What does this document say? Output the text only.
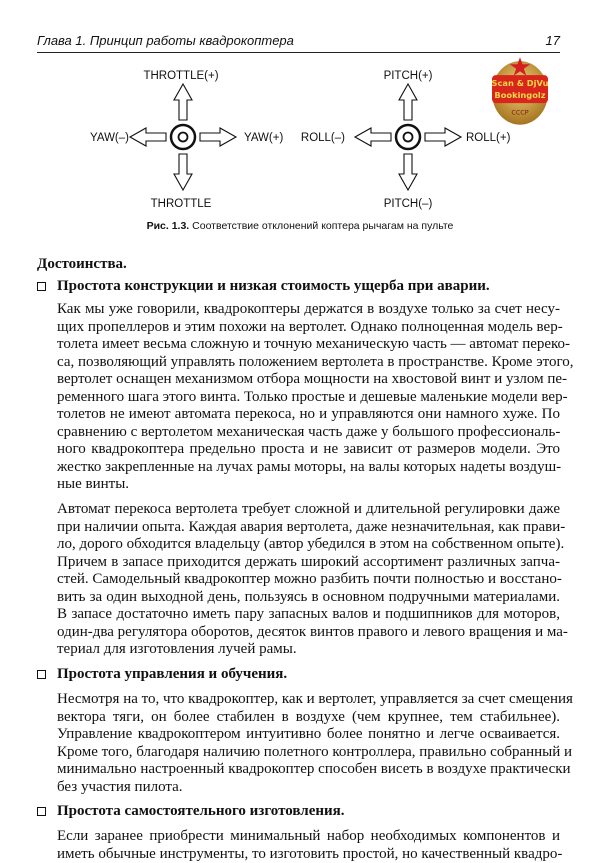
Глава 1. Принцип работы квадрокоптера	17
THROTTLE(+)
THROTTLE
YAW(–)	YAW(+)
PITCH(+)
PITCH(–)
ROLL(–)	ROLL(+)
Рис. 1.3. Соответствие отклонений коптера рычагам на пульте
Достоинства.
Простота конструкции и низкая стоимость ущерба при аварии.
Как мы уже говорили, квадрокоптеры держатся в воздухе только за счет несу-
щих пропеллеров и этим похожи на вертолет. Однако полноценная модель вер-
толета имеет весьма сложную и точную механическую часть — автомат переко-
са, позволяющий управлять положением вертолета в пространстве. Кроме этого,
вертолет оснащен механизмом отбора мощности на хвостовой винт и узлом пе-
ременного шага этого винта. Только простые и дешевые маленькие модели вер-
толетов не имеют автомата перекоса, но и управляются они намного хуже. По
сравнению с вертолетом механическая часть даже у большого профессиональ-
ного квадрокоптера предельно проста и не зависит от размеров модели. Это
жестко закрепленные на лучах рамы моторы, на валы которых надеты воздуш-
ные винты.
Автомат перекоса вертолета требует сложной и длительной регулировки даже
при наличии опыта. Каждая авария вертолета, даже незначительная, как прави-
ло, дорого обходится владельцу (автор убедился в этом на собственном опыте).
Причем в запасе приходится держать широкий ассортимент различных запча-
стей. Самодельный квадрокоптер можно разбить почти полностью и восстано-
вить за один выходной день, пользуясь в основном подручными материалами.
В запасе достаточно иметь пару запасных валов и подшипников для моторов,
один-два регулятора оборотов, десяток винтов правого и левого вращения и ма-
териал для изготовления лучей рамы.
Простота управления и обучения.
Несмотря на то, что квадрокоптер, как и вертолет, управляется за счет смещения
вектора тяги, он более стабилен в воздухе (чем крупнее, тем стабильнее).
Управление квадрокоптером интуитивно более понятно и легче осваивается.
Кроме того, благодаря наличию полетного контроллера, правильно собранный и
минимально настроенный квадрокоптер способен висеть в воздухе практически
без участия пилота.
Простота самостоятельного изготовления.
Если заранее приобрести минимальный набор необходимых компонентов и
иметь обычные инструменты, то изготовить простой, но качественный квадро-
Scan & DjVu
Bookingolz
СССР
